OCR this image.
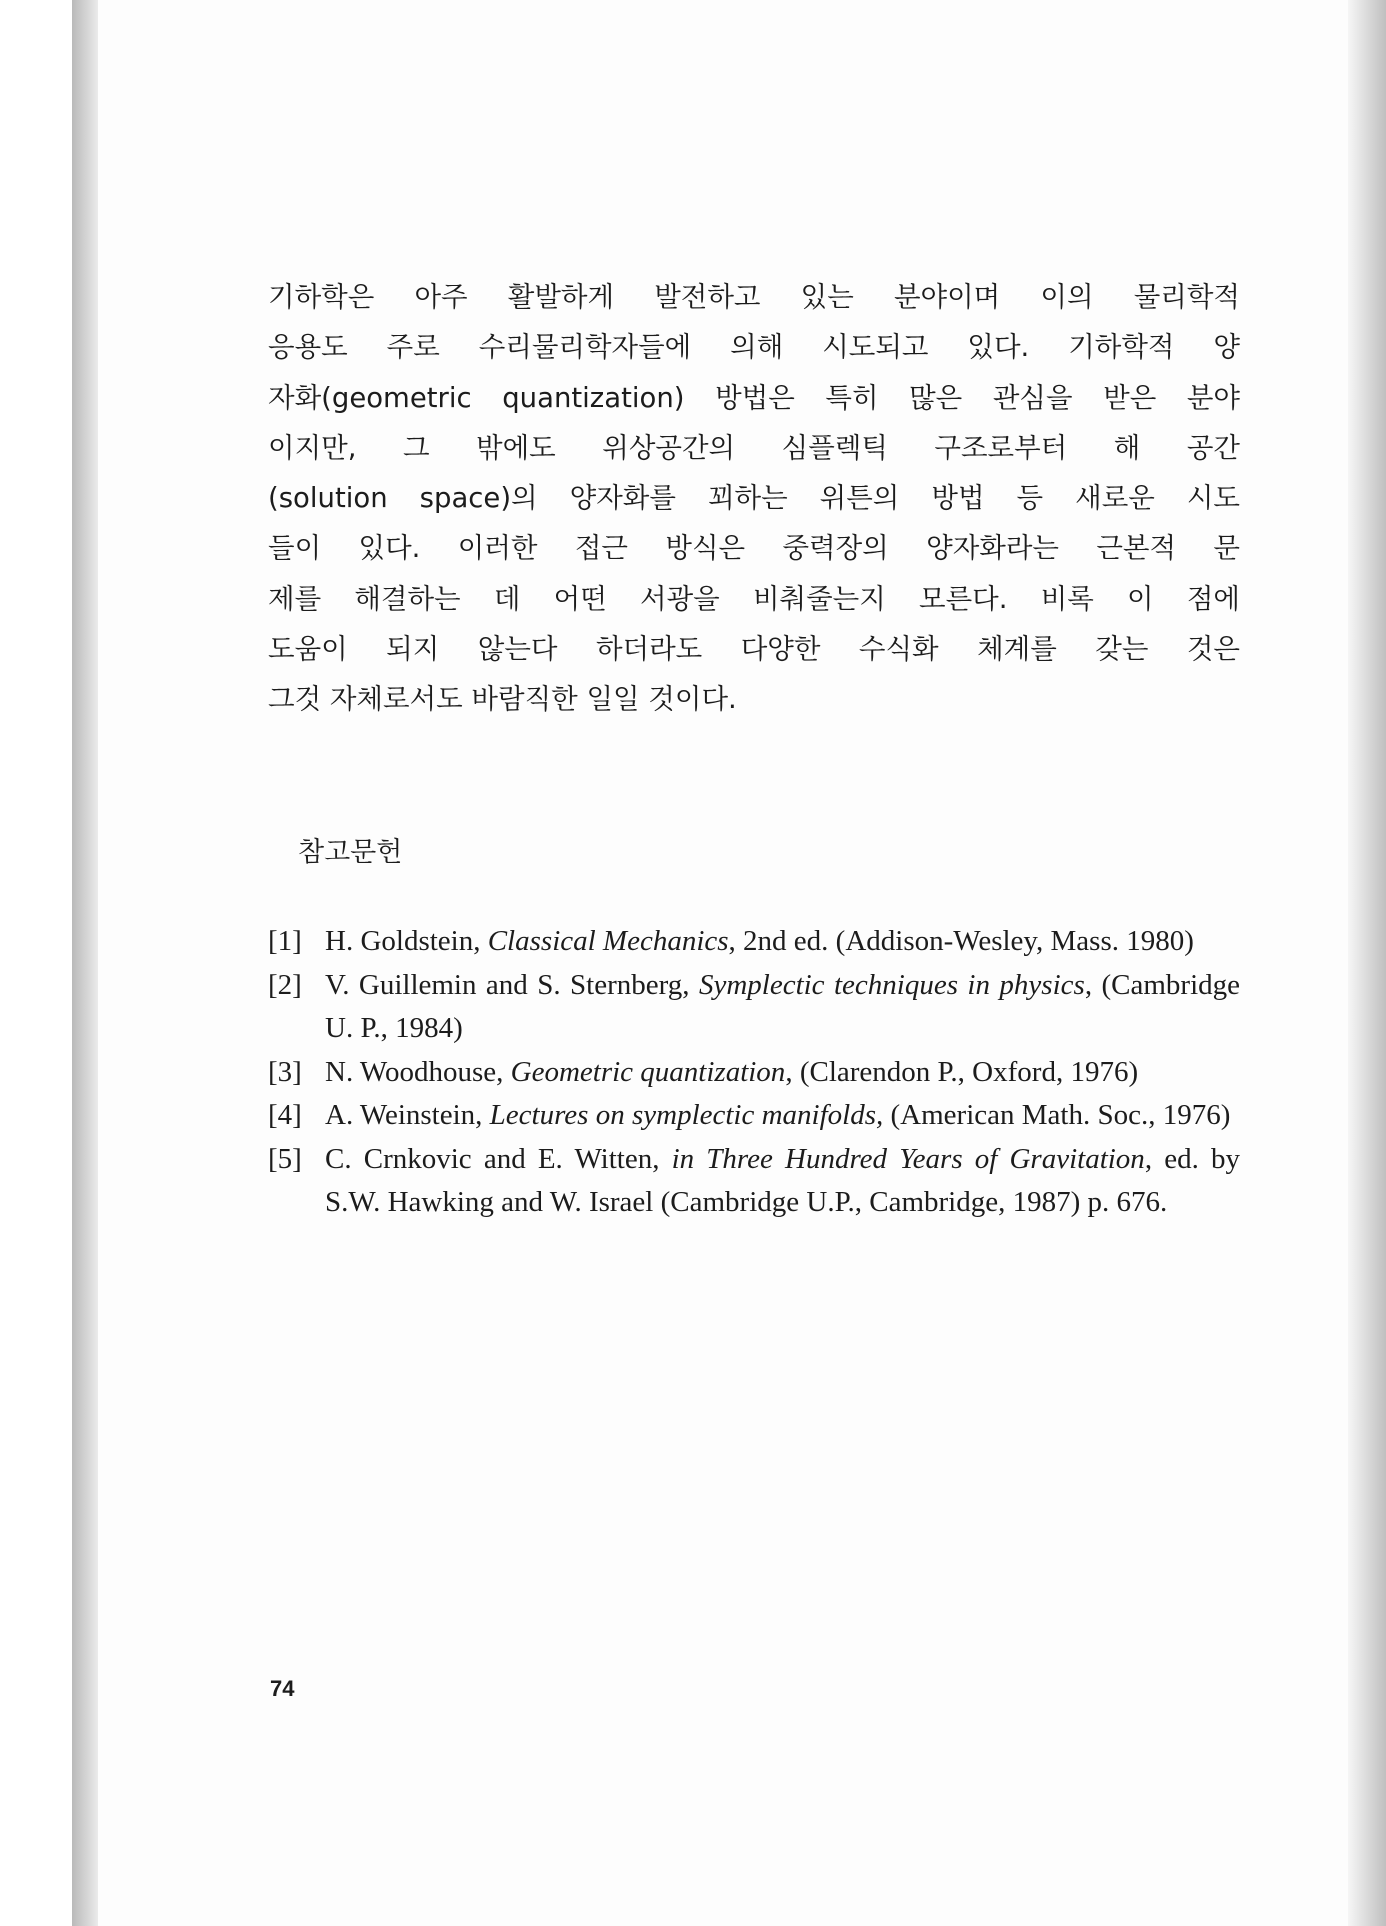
기하학은 아주 활발하게 발전하고 있는 분야이며 이의 물리학적
응용도 주로 수리물리학자들에 의해 시도되고 있다. 기하학적 양
자화(geometric quantization) 방법은 특히 많은 관심을 받은 분야
이지만, 그 밖에도 위상공간의 심플렉틱 구조로부터 해 공간
(solution space)의 양자화를 꾀하는 위튼의 방법 등 새로운 시도
들이 있다. 이러한 접근 방식은 중력장의 양자화라는 근본적 문
제를 해결하는 데 어떤 서광을 비춰줄는지 모른다. 비록 이 점에
도움이 되지 않는다 하더라도 다양한 수식화 체계를 갖는 것은
그것 자체로서도 바람직한 일일 것이다.
참고문헌
[1] H. Goldstein, Classical Mechanics, 2nd ed. (Addison-Wesley, Mass. 1980)
[2] V. Guillemin and S. Sternberg, Symplectic techniques in physics, (Cambridge U. P., 1984)
[3] N. Woodhouse, Geometric quantization, (Clarendon P., Oxford, 1976)
[4] A. Weinstein, Lectures on symplectic manifolds, (American Math. Soc., 1976)
[5] C. Crnkovic and E. Witten, in Three Hundred Years of Gravitation, ed. by S.W. Hawking and W. Israel (Cambridge U.P., Cambridge, 1987) p. 676.
74
